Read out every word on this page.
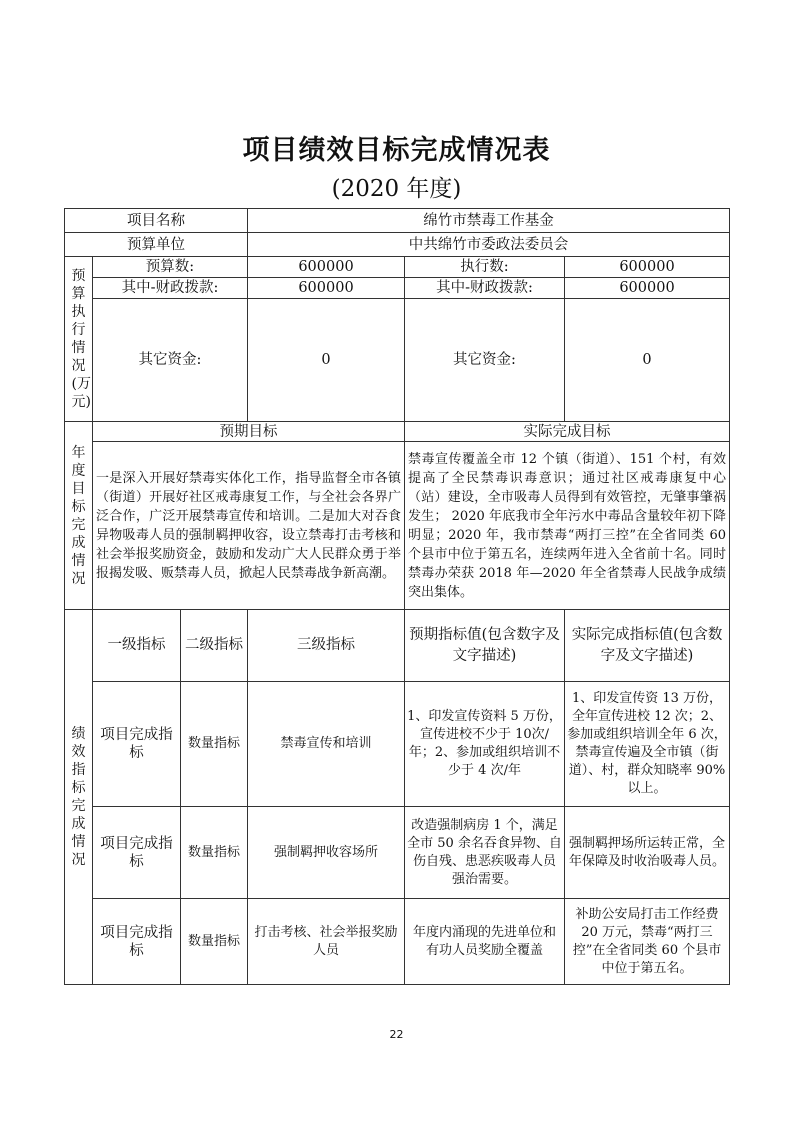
项目绩效目标完成情况表
(2020 年度)
项目名称			绵竹市禁毒工作基金		
预算单位			中共绵竹市委政法委员会		

预算执行情况(万元)	预算数:		600000	执行数:	600000
	其中-财政拨款:		600000	其中-财政拨款:	600000
	其它资金:		0	其它资金:	0

年度目标完成情况	预期目标			实际完成目标	
	一是深入开展好禁毒实体化工作，指导监督全市各镇（街道）开展好社区戒毒康复工作，与全社会各界广泛合作，广泛开展禁毒宣传和培训。二是加大对吞食异物吸毒人员的强制羁押收容，设立禁毒打击考核和社会举报奖励资金，鼓励和发动广大人民群众勇于举报揭发吸、贩禁毒人员，掀起人民禁毒战争新高潮。			禁毒宣传覆盖全市 12 个镇（街道）、151 个村，有效提高了全民禁毒识毒意识；通过社区戒毒康复中心（站）建设，全市吸毒人员得到有效管控，无肇事肇祸发生； 2020 年底我市全年污水中毒品含量较年初下降明显；2020 年，我市禁毒“两打三控”在全省同类 60 个县市中位于第五名，连续两年进入全省前十名。同时禁毒办荣获 2018 年—2020 年全省禁毒人民战争成绩突出集体。	

绩效指标完成情况	一级指标	二级指标	三级指标	预期指标值(包含数字及文字描述)	实际完成指标值(包含数字及文字描述)
	项目完成指标	数量指标	禁毒宣传和培训	1、印发宣传资料 5 万份，宣传进校不少于 10次/年；2、参加或组织培训不少于 4 次/年	1、印发宣传资 13 万份，全年宣传进校 12 次；2、参加或组织培训全年 6 次，禁毒宣传遍及全市镇（街道）、村，群众知晓率 90%以上。
	项目完成指标	数量指标	强制羁押收容场所	改造强制病房 1 个，满足全市 50 余名吞食异物、自伤自残、患恶疾吸毒人员强治需要。	强制羁押场所运转正常，全年保障及时收治吸毒人员。
	项目完成指标	数量指标	打击考核、社会举报奖励人员	年度内涌现的先进单位和有功人员奖励全覆盖	补助公安局打击工作经费 20 万元，禁毒“两打三控”在全省同类 60 个县市中位于第五名。
22
